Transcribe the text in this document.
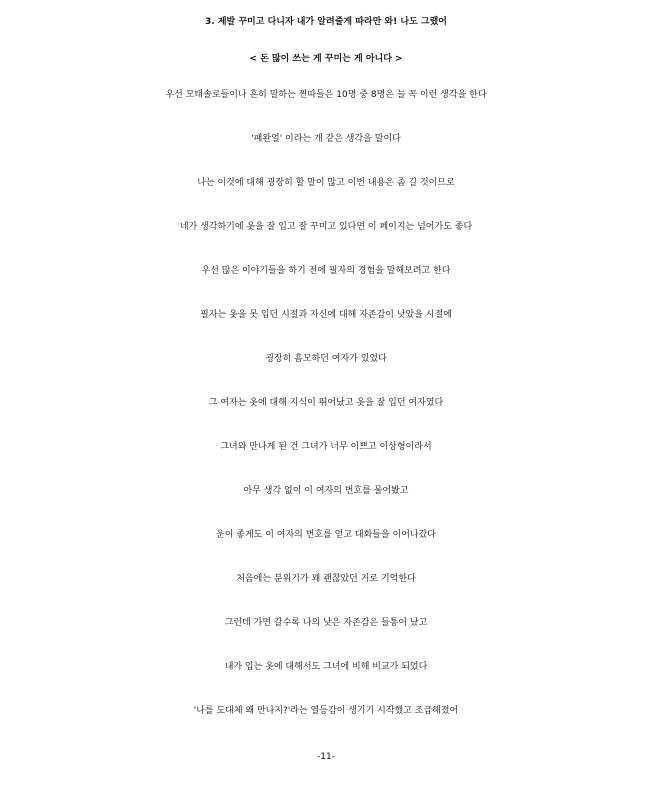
3. 제발 꾸미고 다니자 내가 알려줄게 따라만 와! 나도 그랬어
< 돈 많이 쓰는 게 꾸미는 게 아니다 >
우선 모태솔로들이나 흔히 말하는 찐따들은 10명 중 8명은 늘 꼭 이런 생각을 한다
'패완얼' 이라는 개 같은 생각을 말이다
나는 이것에 대해 굉장히 할 말이 많고 이번 내용은 좀 길 것이므로
네가 생각하기에 옷을 잘 입고 잘 꾸미고 있다면 이 페이지는 넘어가도 좋다
우선 많은 이야기들을 하기 전에 필자의 경험을 말해보려고 한다
필자는 옷을 못 입던 시절과 자신에 대해 자존감이 낮았을 시절에
굉장히 흠모하던 여자가 있었다
그 여자는 옷에 대해 지식이 뛰어났고 옷을 잘 입던 여자였다
그녀와 만나게 된 건 그녀가 너무 이쁘고 이상형이라서
아무 생각 없이 이 여자의 번호를 물어봤고
운이 좋게도 이 여자의 번호를 얻고 대화들을 이어나갔다
처음에는 분위기가 꽤 괜찮았던 거로 기억한다
그런데 가면 갈수록 나의 낮은 자존감은 들통이 났고
내가 입는 옷에 대해서도 그녀에 비해 비교가 되었다
'나를 도대체 왜 만나지?'라는 열등감이 생기기 시작했고 조급해졌어
-11-
